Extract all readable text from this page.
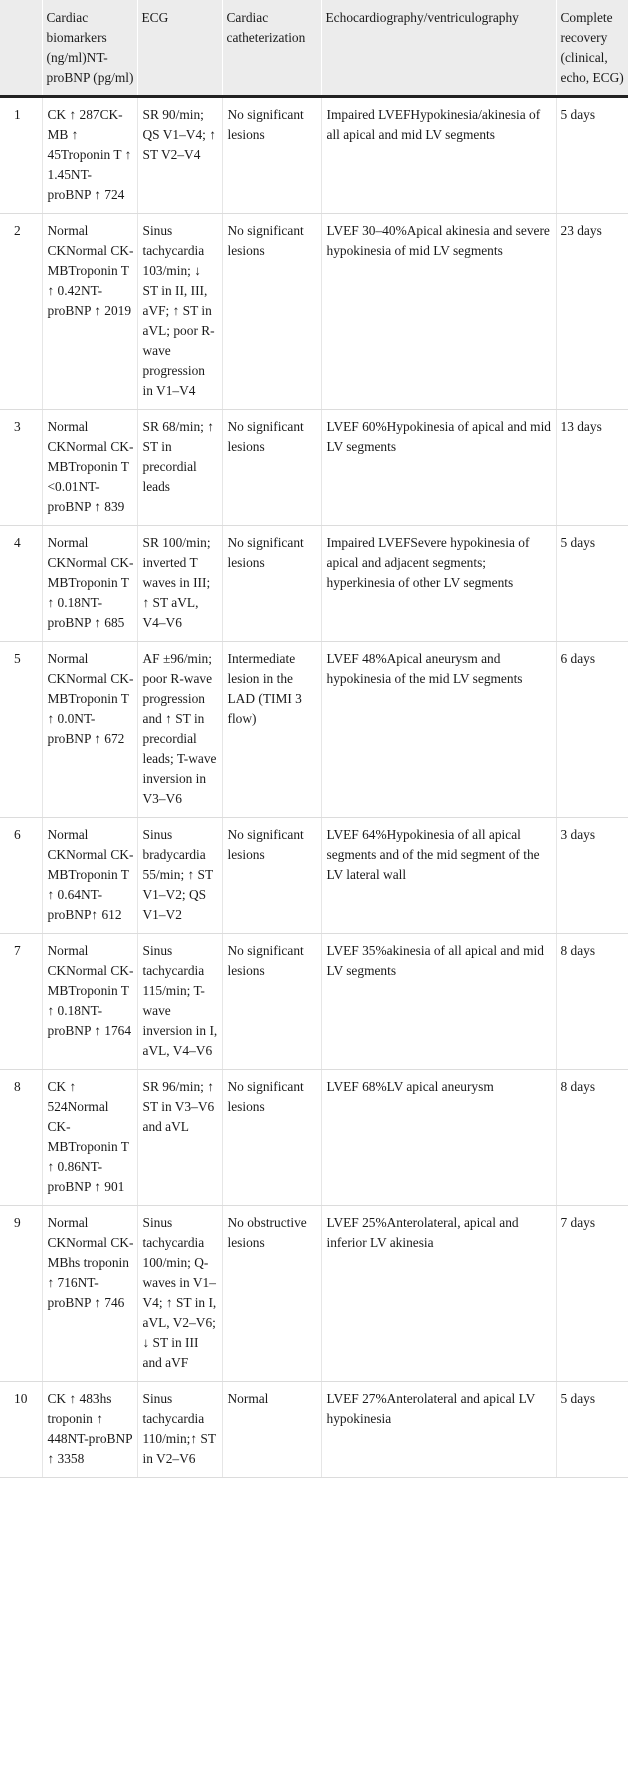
	Cardiac biomarkers (ng/ml)NT-proBNP (pg/ml)	ECG	Cardiac catheterization	Echocardiography/ventriculography	Complete recovery (clinical, echo, ECG)
1	CK ↑ 287CK-MB ↑ 45Troponin T ↑ 1.45NT-proBNP ↑ 724	SR 90/min; QS V1–V4; ↑ ST V2–V4	No significant lesions	Impaired LVEFHypokinesia/akinesia of all apical and mid LV segments	5 days
2	Normal CKNormal CK-MBTroponin T ↑ 0.42NT-proBNP ↑ 2019	Sinus tachycardia 103/min; ↓ ST in II, III, aVF; ↑ ST in aVL; poor R-wave progression in V1–V4	No significant lesions	LVEF 30–40%Apical akinesia and severe hypokinesia of mid LV segments	23 days
3	Normal CKNormal CK-MBTroponin T <0.01NT-proBNP ↑ 839	SR 68/min; ↑ ST in precordial leads	No significant lesions	LVEF 60%Hypokinesia of apical and mid LV segments	13 days
4	Normal CKNormal CK-MBTroponin T ↑ 0.18NT-proBNP ↑ 685	SR 100/min; inverted T waves in III; ↑ ST aVL, V4–V6	No significant lesions	Impaired LVEFSevere hypokinesia of apical and adjacent segments; hyperkinesia of other LV segments	5 days
5	Normal CKNormal CK-MBTroponin T ↑ 0.0NT-proBNP ↑ 672	AF ±96/min; poor R-wave progression and ↑ ST in precordial leads; T-wave inversion in V3–V6	Intermediate lesion in the LAD (TIMI 3 flow)	LVEF 48%Apical aneurysm and hypokinesia of the mid LV segments	6 days
6	Normal CKNormal CK-MBTroponin T ↑ 0.64NT-proBNP↑ 612	Sinus bradycardia 55/min; ↑ ST V1–V2; QS V1–V2	No significant lesions	LVEF 64%Hypokinesia of all apical segments and of the mid segment of the LV lateral wall	3 days
7	Normal CKNormal CK-MBTroponin T ↑ 0.18NT-proBNP ↑ 1764	Sinus tachycardia 115/min; T-wave inversion in I, aVL, V4–V6	No significant lesions	LVEF 35%akinesia of all apical and mid LV segments	8 days
8	CK ↑ 524Normal CK-MBTroponin T ↑ 0.86NT-proBNP ↑ 901	SR 96/min; ↑ ST in V3–V6 and aVL	No significant lesions	LVEF 68%LV apical aneurysm	8 days
9	Normal CKNormal CK-MBhs troponin ↑ 716NT-proBNP ↑ 746	Sinus tachycardia 100/min; Q-waves in V1–V4; ↑ ST in I, aVL, V2–V6; ↓ ST in III and aVF	No obstructive lesions	LVEF 25%Anterolateral, apical and inferior LV akinesia	7 days
10	CK ↑ 483hs troponin ↑ 448NT-proBNP ↑ 3358	Sinus tachycardia 110/min;↑ ST in V2–V6	Normal	LVEF 27%Anterolateral and apical LV hypokinesia	5 days
